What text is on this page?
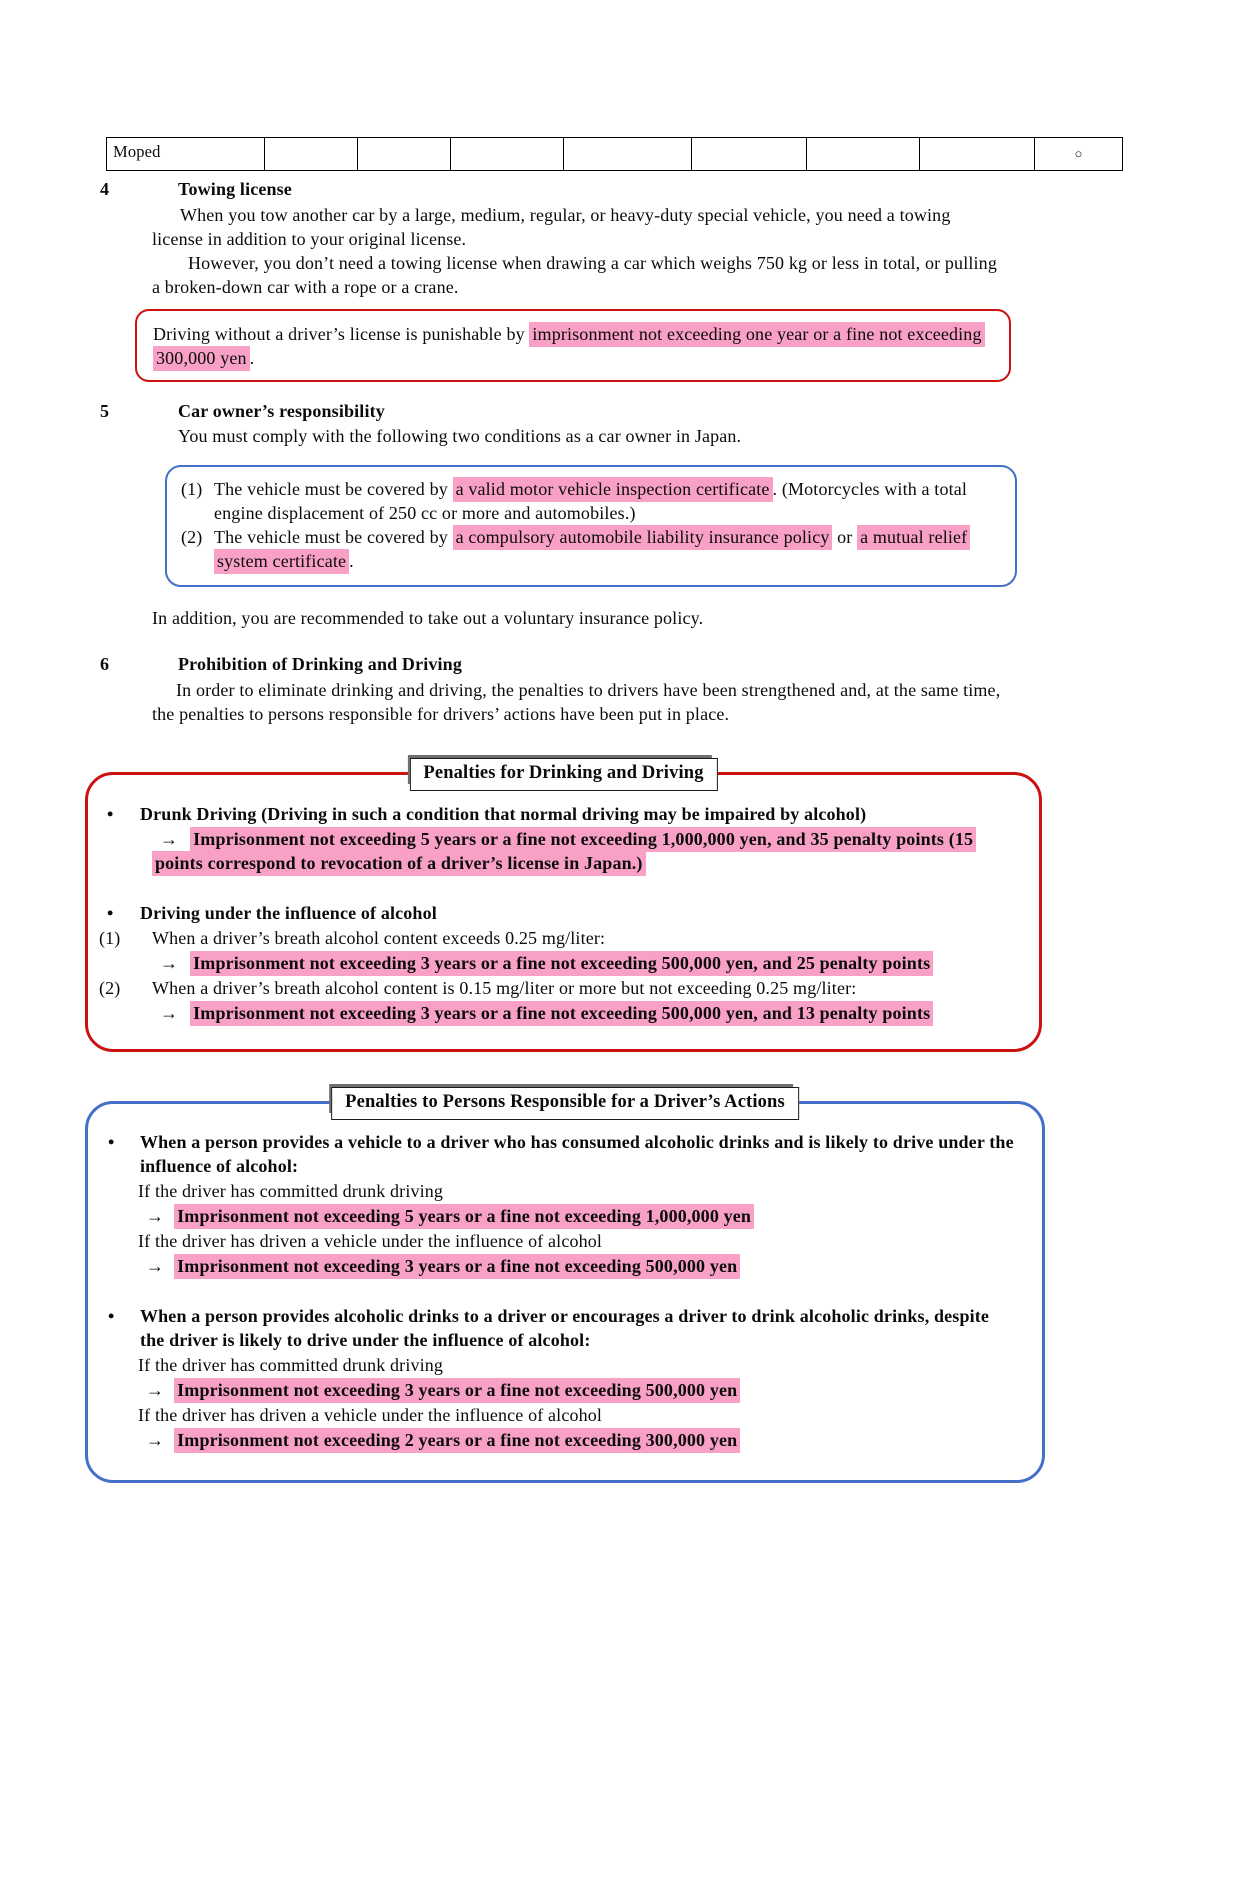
Moped								○
4	Towing license

When you tow another car by a large, medium, regular, or heavy-duty special vehicle, you need a towing license in addition to your original license.

However, you don’t need a towing license when drawing a car which weighs 750 kg or less in total, or pulling a broken-down car with a rope or a crane.

Driving without a driver’s license is punishable by imprisonment not exceeding one year or a fine not exceeding 300,000 yen .
5	Car owner’s responsibility

You must comply with the following two conditions as a car owner in Japan.

(1) The vehicle must be covered by a valid motor vehicle inspection certificate . (Motorcycles with a total engine displacement of 250 cc or more and automobiles.)
(2) The vehicle must be covered by a compulsory automobile liability insurance policy or a mutual relief system certificate .

In addition, you are recommended to take out a voluntary insurance policy.

6	Prohibition of Drinking and Driving

In order to eliminate drinking and driving, the penalties to drivers have been strengthened and, at the same time, the penalties to persons responsible for drivers’ actions have been put in place.

Penalties for Drinking and Driving
• Drunk Driving (Driving in such a condition that normal driving may be impaired by alcohol)
→ Imprisonment not exceeding 5 years or a fine not exceeding 1,000,000 yen, and 35 penalty points (15 points correspond to revocation of a driver’s license in Japan.)
• Driving under the influence of alcohol
(1) When a driver’s breath alcohol content exceeds 0.25 mg/liter:
→ Imprisonment not exceeding 3 years or a fine not exceeding 500,000 yen, and 25 penalty points
(2) When a driver’s breath alcohol content is 0.15 mg/liter or more but not exceeding 0.25 mg/liter:
→ Imprisonment not exceeding 3 years or a fine not exceeding 500,000 yen, and 13 penalty points
Penalties to Persons Responsible for a Driver’s Actions
• When a person provides a vehicle to a driver who has consumed alcoholic drinks and is likely to drive under the influence of alcohol:
If the driver has committed drunk driving
→ Imprisonment not exceeding 5 years or a fine not exceeding 1,000,000 yen
If the driver has driven a vehicle under the influence of alcohol
→ Imprisonment not exceeding 3 years or a fine not exceeding 500,000 yen
• When a person provides alcoholic drinks to a driver or encourages a driver to drink alcoholic drinks, despite the driver is likely to drive under the influence of alcohol:
If the driver has committed drunk driving
→ Imprisonment not exceeding 3 years or a fine not exceeding 500,000 yen
If the driver has driven a vehicle under the influence of alcohol
→ Imprisonment not exceeding 2 years or a fine not exceeding 300,000 yen
